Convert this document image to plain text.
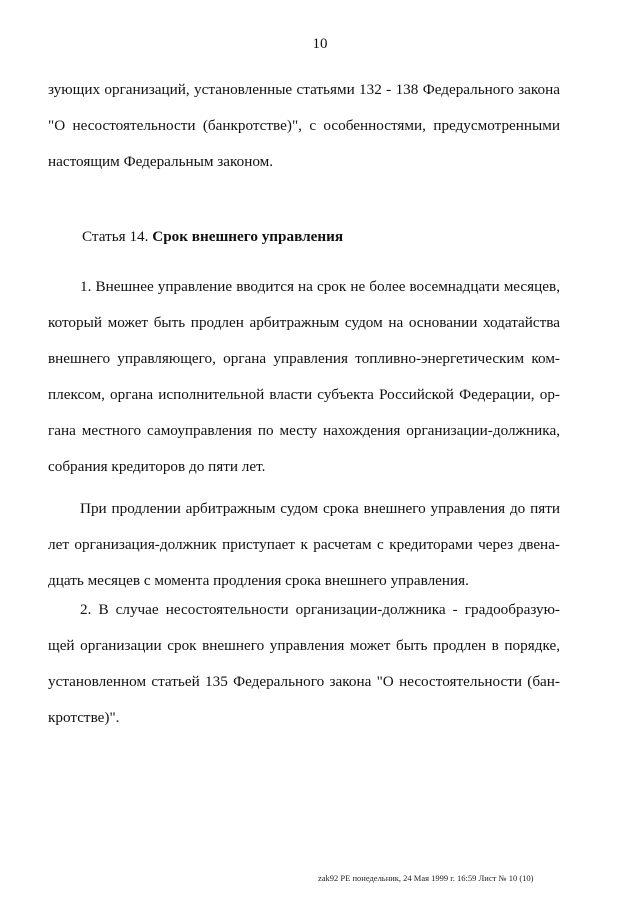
10
зующих организаций, установленные статьями 132 - 138 Федерального закона
"О несостоятельности (банкротстве)", с особенностями, предусмотренными
настоящим Федеральным законом.
Статья 14. Срок внешнего управления
1. Внешнее управление вводится на срок не более восемнадцати месяцев,
который может быть продлен арбитражным судом на основании ходатайства
внешнего управляющего, органа управления топливно-энергетическим ком-
плексом, органа исполнительной власти субъекта Российской Федерации, ор-
гана местного самоуправления по месту нахождения организации-должника,
собрания кредиторов до пяти лет.
При продлении арбитражным судом срока внешнего управления до пяти
лет организация-должник приступает к расчетам с кредиторами через двена-
дцать месяцев с момента продления срока внешнего управления.
2. В случае несостоятельности организации-должника - градообразую-
щей организации срок внешнего управления может быть продлен в порядке,
установленном статьей 135 Федерального закона "О несостоятельности (бан-
кротстве)".
zak92 PE понедельник, 24 Мая 1999 г. 16:59 Лист № 10 (10)
